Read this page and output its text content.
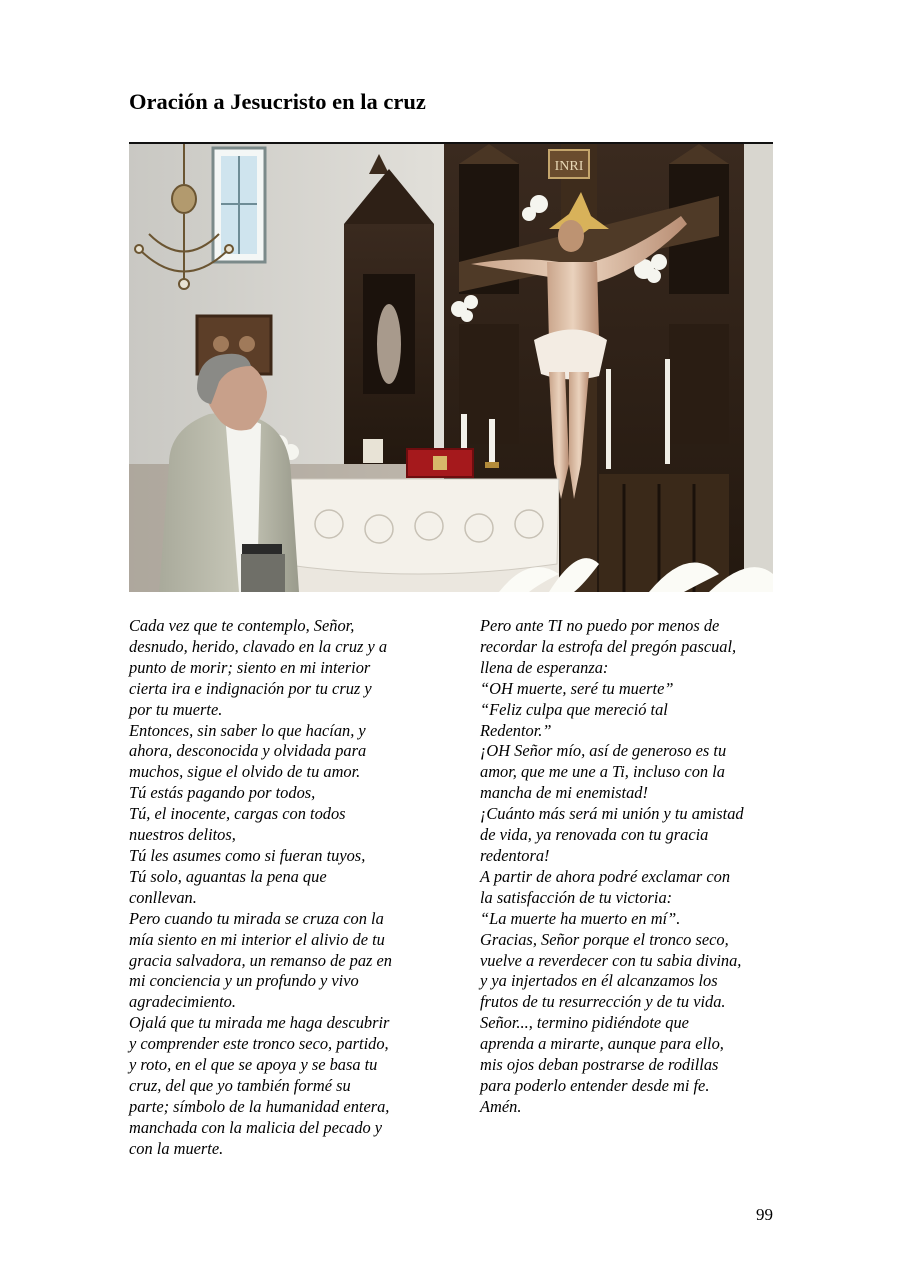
Oración a Jesucristo en la cruz
INRI

Cada vez que te contemplo, Señor,

desnudo, herido, clavado en la cruz y a

punto de morir; siento en mi interior

cierta ira e indignación por tu cruz y

por tu muerte.

Entonces, sin saber lo que hacían, y

ahora, desconocida y olvidada para

muchos, sigue el olvido de tu amor.

Tú estás pagando por todos,

Tú, el inocente, cargas con todos

nuestros delitos,

Tú les asumes como si fueran tuyos,

Tú solo, aguantas la pena que

conllevan.

Pero cuando tu mirada se cruza con la

mía siento en mi interior el alivio de tu

gracia salvadora, un remanso de paz en

mi conciencia y un profundo y vivo

agradecimiento.

Ojalá que tu mirada me haga descubrir

y comprender este tronco seco, partido,

y roto, en el que se apoya y se basa tu

cruz, del que yo también formé su

parte; símbolo de la humanidad entera,

manchada con la malicia del pecado y

con la muerte.

Pero ante TI no puedo por menos de

recordar la estrofa del pregón pascual,

llena de esperanza:

“OH muerte, seré tu muerte”

“Feliz culpa que mereció tal

Redentor.”

¡OH Señor mío, así de generoso es tu

amor, que me une a Ti, incluso con la

mancha de mi enemistad!

¡Cuánto más será mi unión y tu amistad

de vida, ya renovada con tu gracia

redentora!

A partir de ahora podré exclamar con

la satisfacción de tu victoria:

“La muerte ha muerto en mí”.

Gracias, Señor porque el tronco seco,

vuelve a reverdecer con tu sabia divina,

y ya injertados en él alcanzamos los

frutos de tu resurrección y de tu vida.

Señor..., termino pidiéndote que

aprenda a mirarte, aunque para ello,

mis ojos deban postrarse de rodillas

para poderlo entender desde mi fe.

Amén.

99
